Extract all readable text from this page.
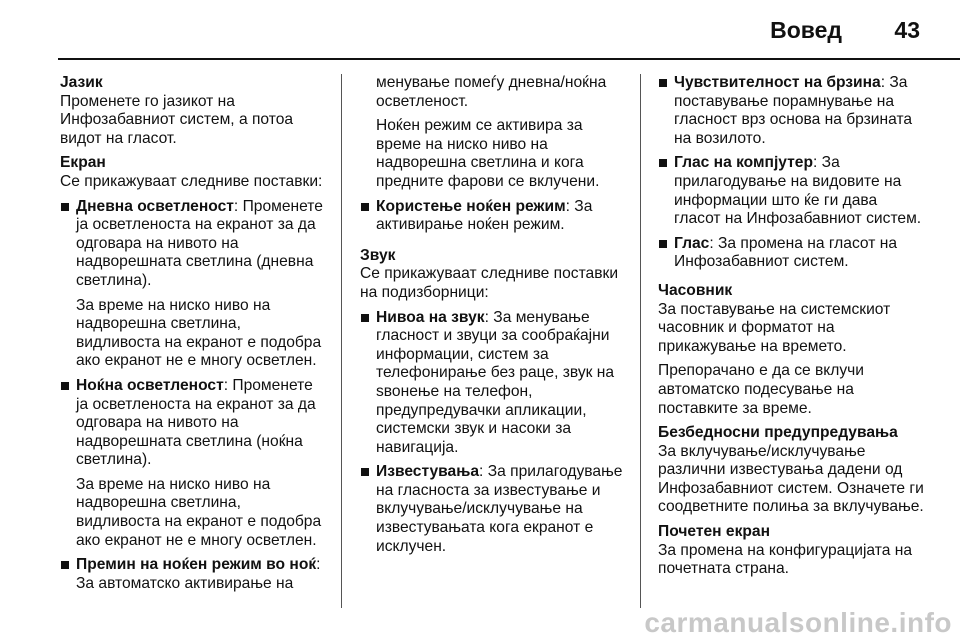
Вовед 43

Јазик

Променете го јазикот на Инфозабавниот систем, а потоа видот на гласот.

Екран

Се прикажуваат следниве поставки:

Дневна осветленост: Променете ја осветленоста на екранот за да одговара на нивото на надворешната светлина (дневна светлина).
За време на ниско ниво на надворешна светлина, видливоста на екранот е подобра ако екранот не е многу осветлен.
Ноќна осветленост: Променете ја осветленоста на екранот за да одговара на нивото на надворешната светлина (ноќна светлина).
За време на ниско ниво на надворешна светлина, видливоста на екранот е подобра ако екранот не е многу осветлен.
Премин на ноќен режим во ноќ: За автоматско активирање на
менување помеѓу дневна/ноќна осветленост.
Ноќен режим се активира за време на ниско ниво на надворешна светлина и кога предните фарови се вклучени.
Користење ноќен режим: За активирање ноќен режим.

Звук

Се прикажуваат следниве поставки на подизборници:

Нивоа на звук: За менување гласност и звуци за сообраќајни информации, систем за телефонирање без раце, звук на ѕвонење на телефон, предупредувачки апликации, системски звук и насоки за навигација.
Известувања: За прилагодување на гласноста за известување и вклучување/исклучување на известувањата кога екранот е исклучен.
Чувствителност на брзина: За поставување порамнување на гласност врз основа на брзината на возилото.
Глас на компјутер: За прилагодување на видовите на информации што ќе ги дава гласот на Инфозабавниот систем.
Глас: За промена на гласот на Инфозабавниот систем.

Часовник

За поставување на системскиот часовник и форматот на прикажување на времето.

Препорачано е да се вклучи автоматско подесување на поставките за време.

Безбедносни предупредувања

За вклучување/исклучување различни известувања дадени од Инфозабавниот систем. Означете ги соодветните полиња за вклучување.

Почетен екран

За промена на конфигурацијата на почетната страна.

carmanualsonline.info
